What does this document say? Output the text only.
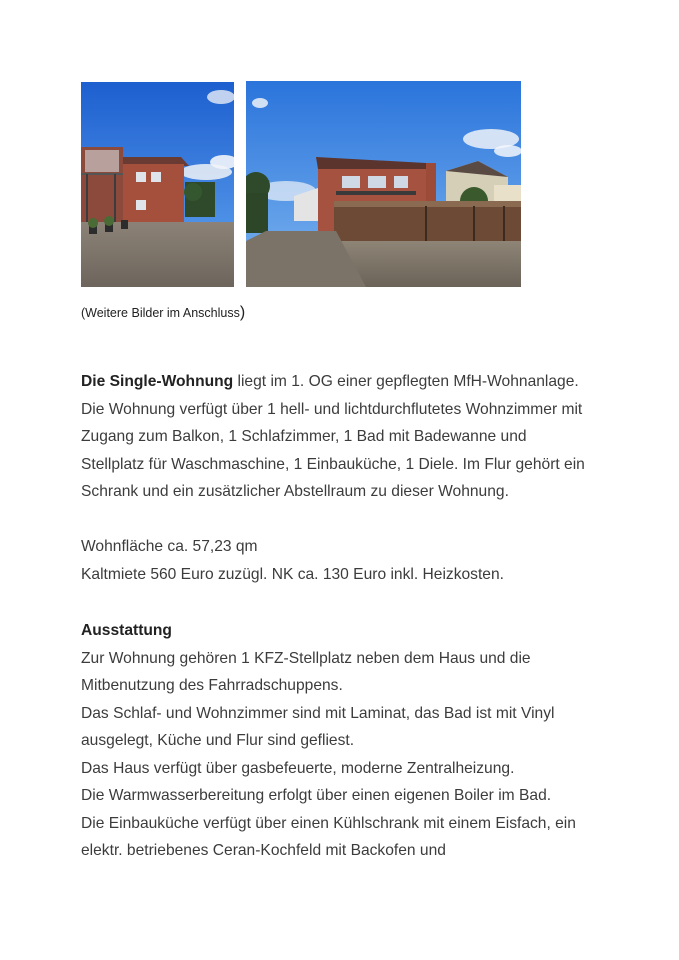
(Weitere Bilder im Anschluss)

Die Single-Wohnung liegt im 1. OG einer gepflegten MfH-Wohnanlage.

Die Wohnung verfügt über 1 hell- und lichtdurchflutetes Wohnzimmer mit

Zugang zum Balkon, 1 Schlafzimmer, 1 Bad mit Badewanne und

Stellplatz für Waschmaschine, 1 Einbauküche, 1 Diele. Im Flur gehört ein

Schrank und ein zusätzlicher Abstellraum zu dieser Wohnung.

Wohnfläche ca. 57,23 qm

Kaltmiete 560 Euro zuzügl. NK ca. 130 Euro inkl. Heizkosten.

Ausstattung

Zur Wohnung gehören 1 KFZ-Stellplatz neben dem Haus und die

Mitbenutzung des Fahrradschuppens.

Das Schlaf- und Wohnzimmer sind mit Laminat, das Bad ist mit Vinyl

ausgelegt, Küche und Flur sind gefliest.

Das Haus verfügt über gasbefeuerte, moderne Zentralheizung.

Die Warmwasserbereitung erfolgt über einen eigenen Boiler im Bad.

Die Einbauküche verfügt über einen Kühlschrank mit einem Eisfach, ein

elektr. betriebenes Ceran-Kochfeld mit Backofen und
